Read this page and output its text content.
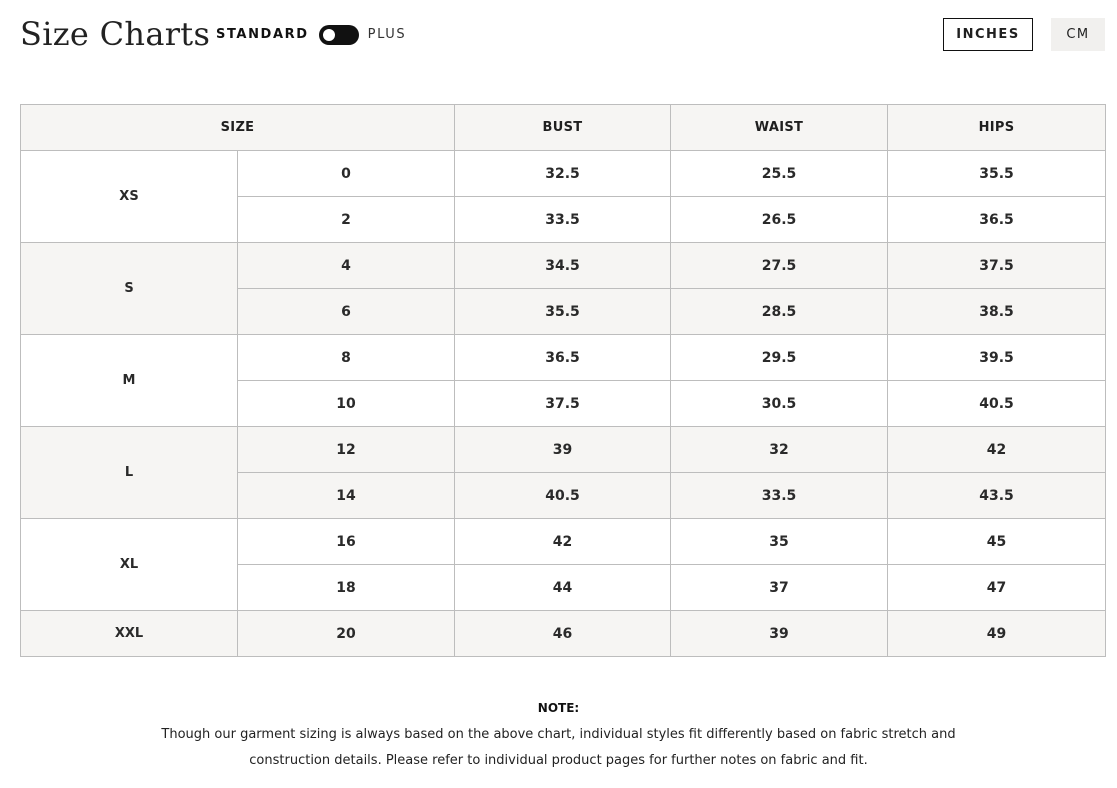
Size Charts STANDARD	PLUS	INCHES	CM
SIZE		BUST	WAIST	HIPS
XS	0	32.5	25.5	35.5
	2	33.5	26.5	36.5
S	4	34.5	27.5	37.5
	6	35.5	28.5	38.5
M	8	36.5	29.5	39.5
	10	37.5	30.5	40.5
L	12	39	32	42
	14	40.5	33.5	43.5
XL	16	42	35	45
	18	44	37	47
XXL	20	46	39	49
NOTE:
Though our garment sizing is always based on the above chart, individual styles fit differently based on fabric stretch and construction details. Please refer to individual product pages for further notes on fabric and fit.
